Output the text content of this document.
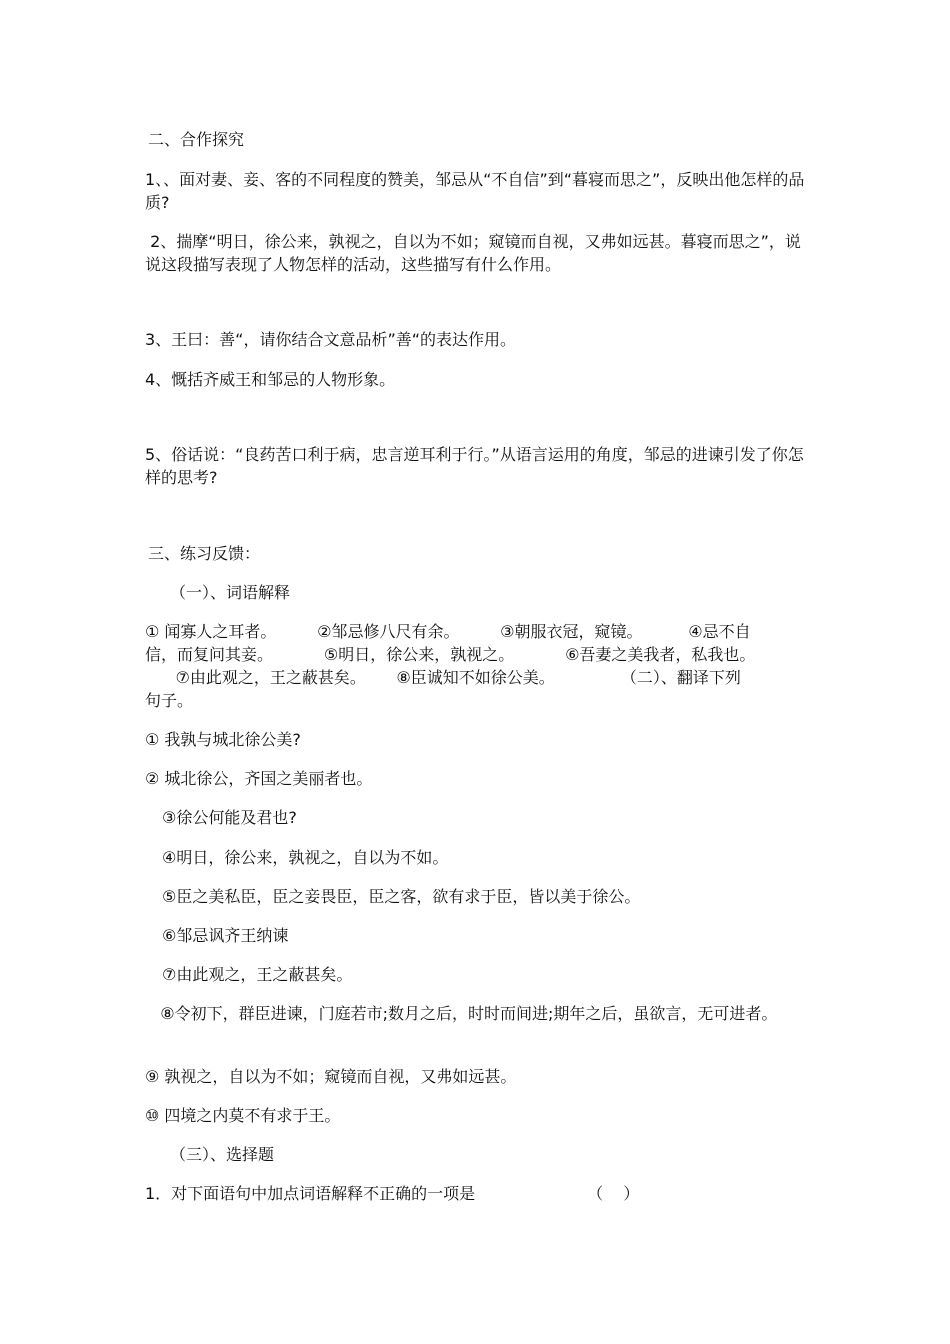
二、合作探究
1、、面对妻、妾、客的不同程度的赞美，邹忌从“不自信”到“暮寝而思之”，反映出他怎样的品质?
2、揣摩“明日，徐公来，孰视之，自以为不如；窥镜而自视，又弗如远甚。暮寝而思之”，说说这段描写表现了人物怎样的活动，这些描写有什么作用。
3、王曰：善“，请你结合文意品析”善“的表达作用。
4、慨括齐威王和邹忌的人物形象。
5、俗话说：“良药苦口利于病，忠言逆耳利于行。”从语言运用的角度，邹忌的进谏引发了你怎样的思考?
三、练习反馈：
（一）、词语解释
① 闻寡人之耳者。        ②邹忌修八尺有余。        ③朝服衣冠，窥镜。         ④忌不自
信，而复问其妾。          ⑤明日，徐公来，孰视之。          ⑥吾妻之美我者，私我也。
⑦由此观之，王之蔽甚矣。      ⑧臣诚知不如徐公美。             （二）、翻译下列
句子。
① 我孰与城北徐公美?
② 城北徐公，齐国之美丽者也。
③徐公何能及君也?
④明日，徐公来，孰视之，自以为不如。
⑤臣之美私臣，臣之妾畏臣，臣之客，欲有求于臣，皆以美于徐公。
⑥邹忌讽齐王纳谏
⑦由此观之，王之蔽甚矣。
⑧令初下，群臣进谏，门庭若市;数月之后，时时而间进;期年之后，虽欲言，无可进者。
⑨ 孰视之，自以为不如；窥镜而自视，又弗如远甚。
⑩ 四境之内莫不有求于王。
（三）、选择题
1．对下面语句中加点词语解释不正确的一项是                      （    ）
